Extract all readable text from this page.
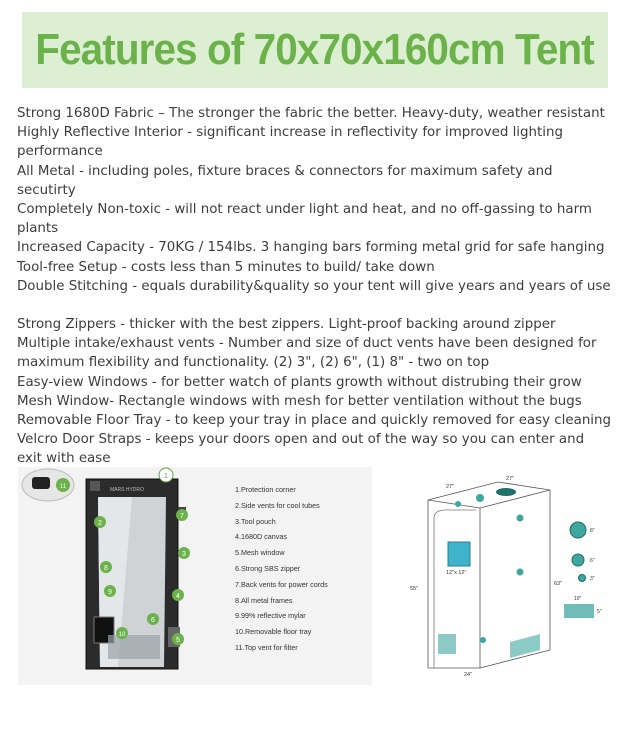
Features of 70x70x160cm Tent
Strong 1680D Fabric – The stronger the fabric the better. Heavy-duty, weather resistant
Highly Reflective Interior - significant increase in reflectivity for improved lighting performance
All Metal - including poles, fixture braces & connectors for maximum safety and secutirty
Completely Non-toxic - will not react under light and heat, and no off-gassing to harm plants
Increased Capacity - 70KG / 154lbs. 3 hanging bars forming metal grid for safe hanging
Tool-free Setup - costs less than 5 minutes to build/ take down
Double Stitching - equals durability&quality so your tent will give years and years of use
Strong Zippers - thicker with the best zippers. Light-proof backing around zipper
Multiple intake/exhaust vents - Number and size of duct vents have been designed for maximum flexibility and functionality. (2) 3", (2) 6", (1) 8" - two on top
Easy-view Windows - for better watch of plants growth without distrubing their grow
Mesh Window- Rectangle windows with mesh for better ventilation without the bugs
Removable Floor Tray - to keep your tray in place and quickly removed for easy cleaning
Velcro Door Straps - keeps your doors open and out of the way so you can enter and exit with ease
MARS HYDRO
1
2
3
4
5
6
7
8
9
10
11	1.Protection corner
2.Side vents for cool tubes
3.Tool pouch
4.1680D canvas
5.Mesh window
6.Strong SBS zipper
7.Back vents for power cords
8.All metal frames
9.99% reflective mylar
10.Removable floor tray
11.Top vent for filter
27"
27"
55"
63"
24"
12"x 12"
8"
6"
3"
10"
5"
